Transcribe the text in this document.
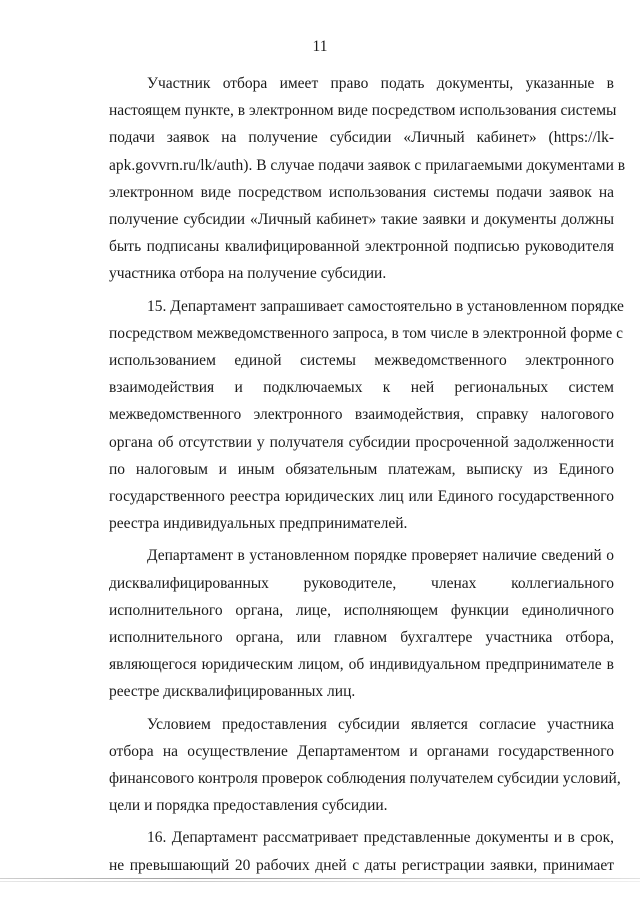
11
Участник отбора имеет право подать документы, указанные в
настоящем пункте, в электронном виде посредством использования системы
подачи заявок на получение субсидии «Личный кабинет» (https://lk-
apk.govvrn.ru/lk/auth). В случае подачи заявок с прилагаемыми документами в
электронном виде посредством использования системы подачи заявок на
получение субсидии «Личный кабинет» такие заявки и документы должны
быть подписаны квалифицированной электронной подписью руководителя
участника отбора на получение субсидии.
15. Департамент запрашивает самостоятельно в установленном порядке
посредством межведомственного запроса, в том числе в электронной форме с
использованием единой системы межведомственного электронного
взаимодействия и подключаемых к ней региональных систем
межведомственного электронного взаимодействия, справку налогового
органа об отсутствии у получателя субсидии просроченной задолженности
по налоговым и иным обязательным платежам, выписку из Единого
государственного реестра юридических лиц или Единого государственного
реестра индивидуальных предпринимателей.
Департамент в установленном порядке проверяет наличие сведений о
дисквалифицированных руководителе, членах коллегиального
исполнительного органа, лице, исполняющем функции единоличного
исполнительного органа, или главном бухгалтере участника отбора,
являющегося юридическим лицом, об индивидуальном предпринимателе в
реестре дисквалифицированных лиц.
Условием предоставления субсидии является согласие участника
отбора на осуществление Департаментом и органами государственного
финансового контроля проверок соблюдения получателем субсидии условий,
цели и порядка предоставления субсидии.
16. Департамент рассматривает представленные документы и в срок,
не превышающий 20 рабочих дней с даты регистрации заявки, принимает
